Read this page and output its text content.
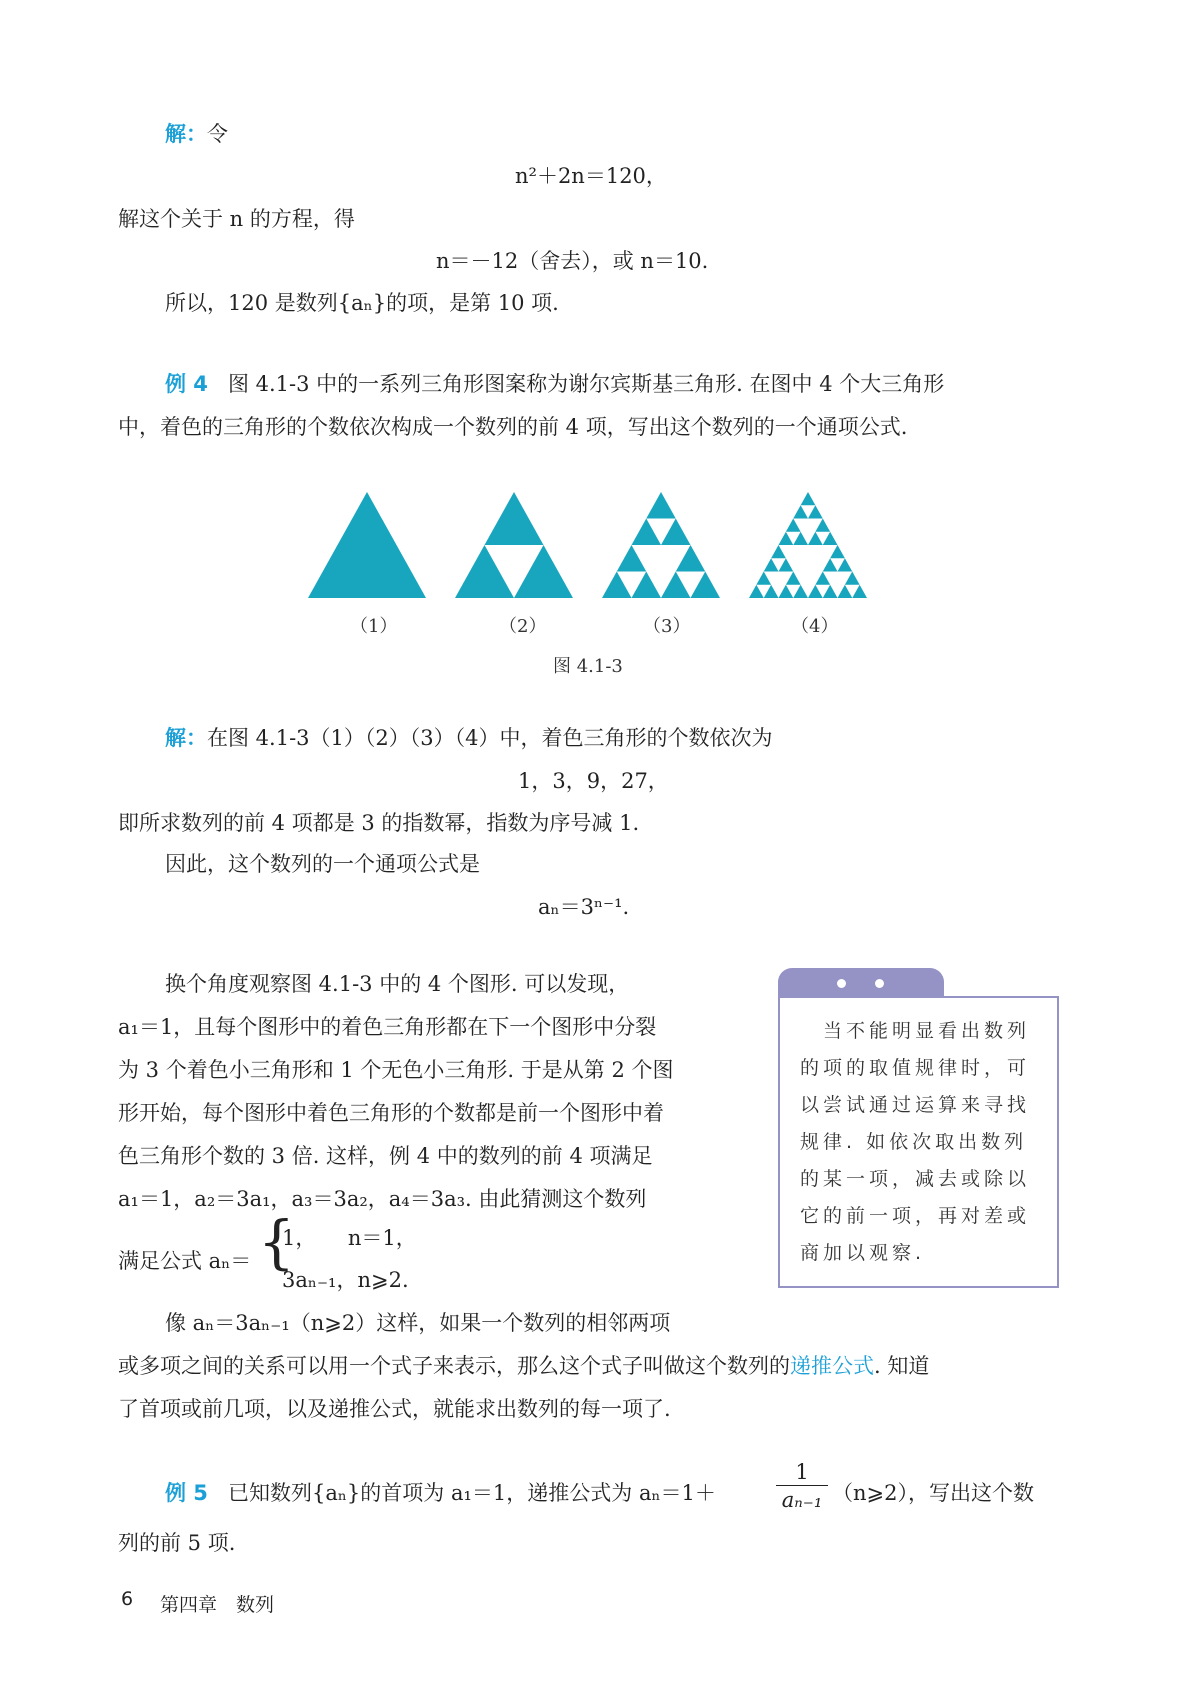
解：令
n²＋2n＝120，
解这个关于 n 的方程，得
n＝－12（舍去），或 n＝10.
所以，120 是数列{aₙ}的项，是第 10 项.
例 4 图 4.1-3 中的一系列三角形图案称为谢尔宾斯基三角形. 在图中 4 个大三角形
中，着色的三角形的个数依次构成一个数列的前 4 项，写出这个数列的一个通项公式.
（1）	（2）	（3）	（4）
图 4.1-3
解：在图 4.1-3（1）（2）（3）（4）中，着色三角形的个数依次为
1，3，9，27，
即所求数列的前 4 项都是 3 的指数幂，指数为序号减 1.
因此，这个数列的一个通项公式是
aₙ＝3ⁿ⁻¹.
换个角度观察图 4.1-3 中的 4 个图形. 可以发现，
a₁＝1，且每个图形中的着色三角形都在下一个图形中分裂
为 3 个着色小三角形和 1 个无色小三角形. 于是从第 2 个图
形开始，每个图形中着色三角形的个数都是前一个图形中着
色三角形个数的 3 倍. 这样，例 4 中的数列的前 4 项满足
a₁＝1，a₂＝3a₁，a₃＝3a₂，a₄＝3a₃. 由此猜测这个数列
满足公式 aₙ＝ {
1，　　n＝1，
3aₙ₋₁，n⩾2.
像 aₙ＝3aₙ₋₁（n⩾2）这样，如果一个数列的相邻两项
或多项之间的关系可以用一个式子来表示，那么这个式子叫做这个数列的递推公式. 知道
了首项或前几项，以及递推公式，就能求出数列的每一项了.
　当不能明显看出数列的项的取值规律时，可以尝试通过运算来寻找规律. 如依次取出数列的某一项，减去或除以它的前一项，再对差或商加以观察.
例 5 已知数列{aₙ}的首项为 a₁＝1，递推公式为 aₙ＝1＋
1
aₙ₋₁ （n⩾2），写出这个数
列的前 5 项.
6 第四章　数列
